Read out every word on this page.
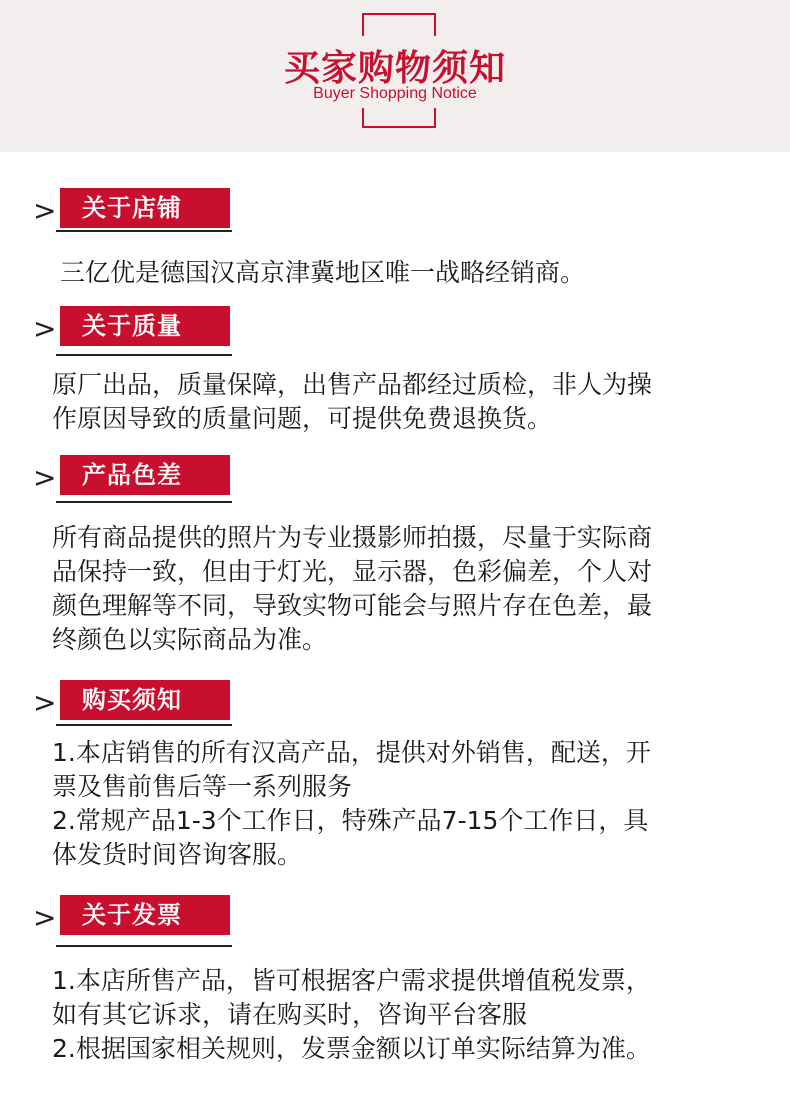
买家购物须知
Buyer Shopping Notice
>	关于店铺
三亿优是德国汉高京津冀地区唯一战略经销商。
>	关于质量
原厂出品，质量保障，出售产品都经过质检，非人为操
作原因导致的质量问题，可提供免费退换货。
>	产品色差
所有商品提供的照片为专业摄影师拍摄，尽量于实际商
品保持一致，但由于灯光，显示器，色彩偏差，个人对
颜色理解等不同，导致实物可能会与照片存在色差，最
终颜色以实际商品为准。
>	购买须知
1.本店销售的所有汉高产品，提供对外销售，配送，开
票及售前售后等一系列服务
2.常规产品1-3个工作日，特殊产品7-15个工作日，具
体发货时间咨询客服。
>	关于发票
1.本店所售产品，皆可根据客户需求提供增值税发票，
如有其它诉求，请在购买时，咨询平台客服
2.根据国家相关规则，发票金额以订单实际结算为准。
